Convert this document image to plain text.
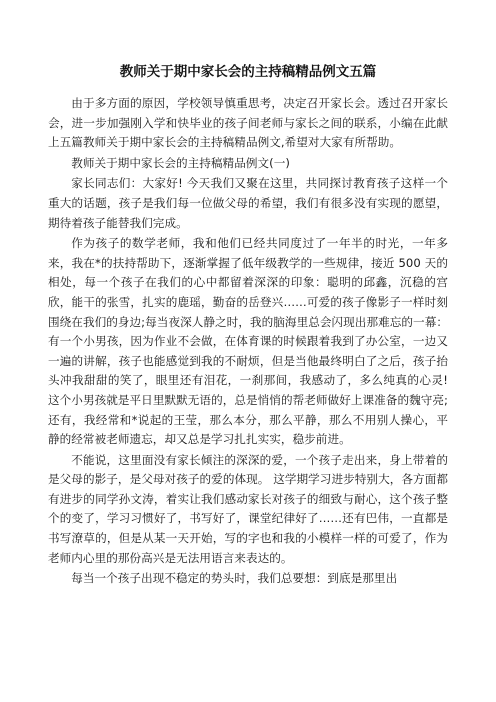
教师关于期中家长会的主持稿精品例文五篇

由于多方面的原因，学校领导慎重思考，决定召开家长会。透过召开家长会，进一步加强刚入学和快毕业的孩子间老师与家长之间的联系，小编在此献上五篇教师关于期中家长会的主持稿精品例文,希望对大家有所帮助。

教师关于期中家长会的主持稿精品例文(一)

家长同志们：大家好! 今天我们又聚在这里，共同探讨教育孩子这样一个重大的话题，孩子是我们每一位做父母的希望，我们有很多没有实现的愿望，期待着孩子能替我们完成。

作为孩子的数学老师，我和他们已经共同度过了一年半的时光，一年多来，我在*的扶持帮助下，逐渐掌握了低年级教学的一些规律，接近 500 天的相处，每一个孩子在我们的心中都留着深深的印象：聪明的邱鑫，沉稳的宫欣，能干的张雪，扎实的鹿瑶，勤奋的岳登兴……可爱的孩子像影子一样时刻围绕在我们的身边;每当夜深人静之时，我的脑海里总会闪现出那难忘的一幕：有一个小男孩，因为作业不会做，在体育课的时候跟着我到了办公室，一边又一遍的讲解，孩子也能感觉到我的不耐烦，但是当他最终明白了之后，孩子抬头冲我甜甜的笑了，眼里还有泪花，一刹那间，我感动了，多么纯真的心灵!这个小男孩就是平日里默默无语的，总是悄悄的帮老师做好上课准备的魏守亮;还有，我经常和*说起的王莹，那么本分，那么平静，那么不用别人操心，平静的经常被老师遗忘，却又总是学习扎扎实实，稳步前进。

不能说，这里面没有家长倾注的深深的爱，一个孩子走出来，身上带着的是父母的影子，是父母对孩子的爱的体现。 这学期学习进步特别大，各方面都有进步的同学孙文涛，着实让我们感动家长对孩子的细致与耐心，这个孩子整个的变了，学习习惯好了，书写好了，课堂纪律好了……还有巴伟，一直都是书写潦草的，但是从某一天开始，写的字也和我的小模样一样的可爱了，作为老师内心里的那份高兴是无法用语言来表达的。

每当一个孩子出现不稳定的势头时，我们总要想：到底是那里出
